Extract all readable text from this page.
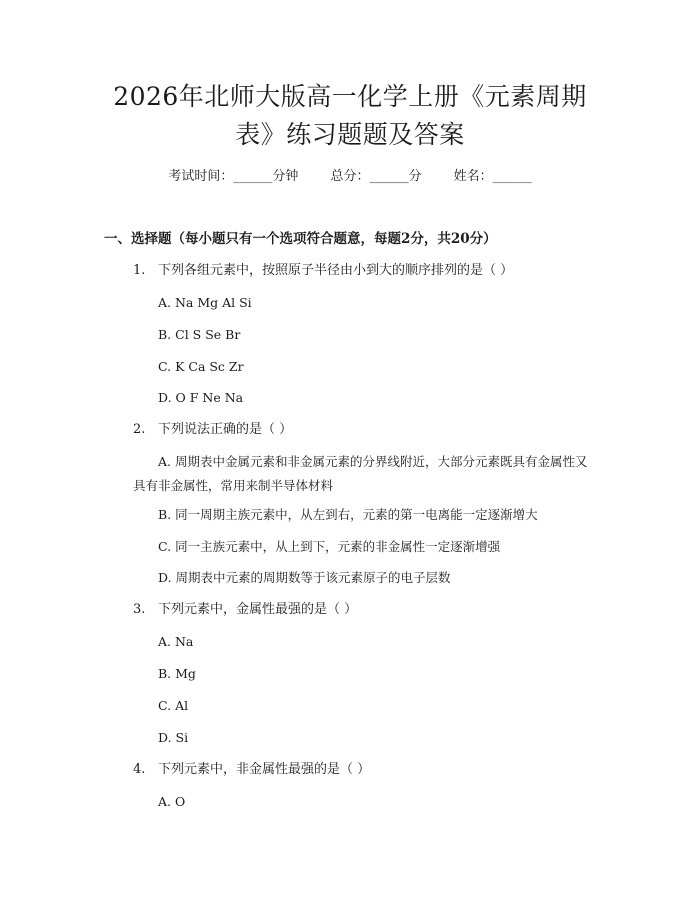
2026年北师大版高一化学上册《元素周期表》练习题题及答案
考试时间：______分钟 总分：______分 姓名：______
一、选择题（每小题只有一个选项符合题意，每题2分，共20分）

1. 下列各组元素中，按照原子半径由小到大的顺序排列的是（ ）

A. Na Mg Al Si

B. Cl S Se Br

C. K Ca Sc Zr

D. O F Ne Na

2. 下列说法正确的是（ ）

A. 周期表中金属元素和非金属元素的分界线附近，大部分元素既具有金属性又具有非金属性，常用来制半导体材料

B. 同一周期主族元素中，从左到右，元素的第一电离能一定逐渐增大

C. 同一主族元素中，从上到下，元素的非金属性一定逐渐增强

D. 周期表中元素的周期数等于该元素原子的电子层数

3. 下列元素中，金属性最强的是（ ）

A. Na

B. Mg

C. Al

D. Si

4. 下列元素中，非金属性最强的是（ ）

A. O
